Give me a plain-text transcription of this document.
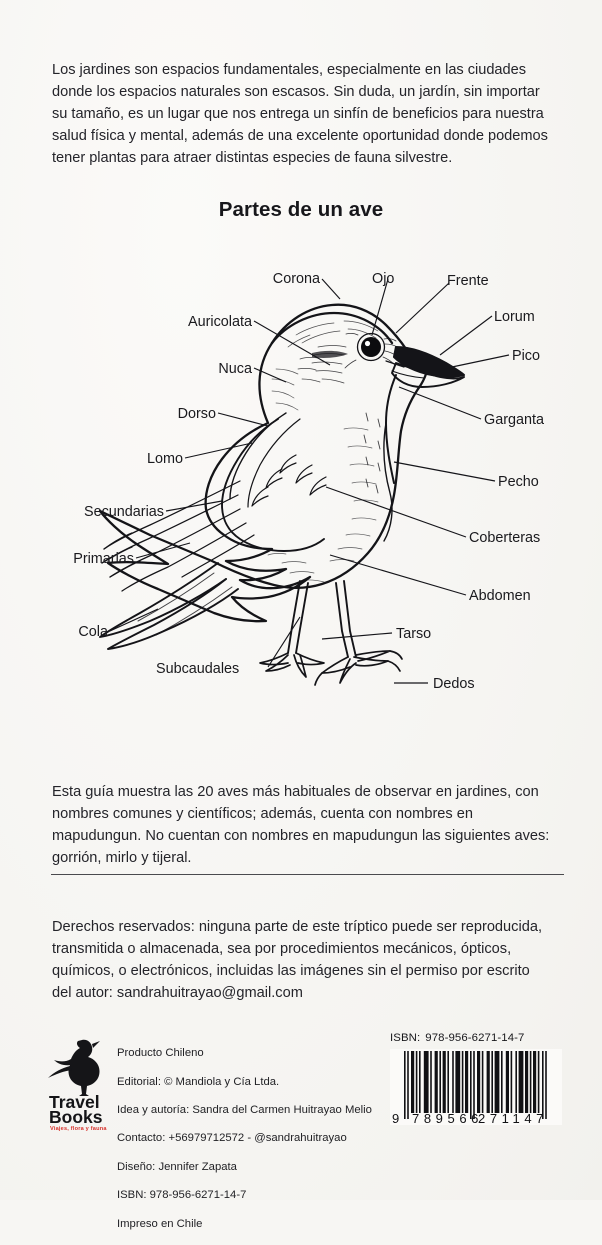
Los jardines son espacios fundamentales, especialmente en las ciudades donde los espacios naturales son escasos. Sin duda, un jardín, sin importar su tamaño, es un lugar que nos entrega un sinfín de beneficios para nuestra salud física y mental, además de una excelente oportunidad donde podemos tener plantas para atraer distintas especies de fauna silvestre.

Partes de un ave
Corona	Ojo	Frente
Lorum
Auricolata
Pico
Nuca
Garganta
Dorso
Lomo
Pecho
Secundarias
Coberteras
Primarias
Abdomen
Cola	Tarso
Subcaudales
Dedos

Esta guía muestra las 20 aves más habituales de observar en jardines, con nombres comunes y científicos; además, cuenta con nombres en mapudungun. No cuentan con nombres en mapudungun las siguientes aves: gorrión, mirlo y tijeral.

Derechos reservados: ninguna parte de este tríptico puede ser reproducida, transmitida o almacenada, sea por procedimientos mecánicos, ópticos, químicos, o electrónicos, incluidas las imágenes sin el permiso por escrito del autor: sandrahuitrayao@gmail.com

Travel
Books
Viajes, flora y fauna

Producto Chileno

Editorial: © Mandiola y Cía Ltda.

Idea y autoría: Sandra del Carmen Huitrayao Melio

Contacto: +56979712572 - @sandrahuitrayao

Diseño: Jennifer Zapata

ISBN: 978-956-6271-14-7

Impreso en Chile

ISBN: 978-956-6271-14-7
9 789566
271147
